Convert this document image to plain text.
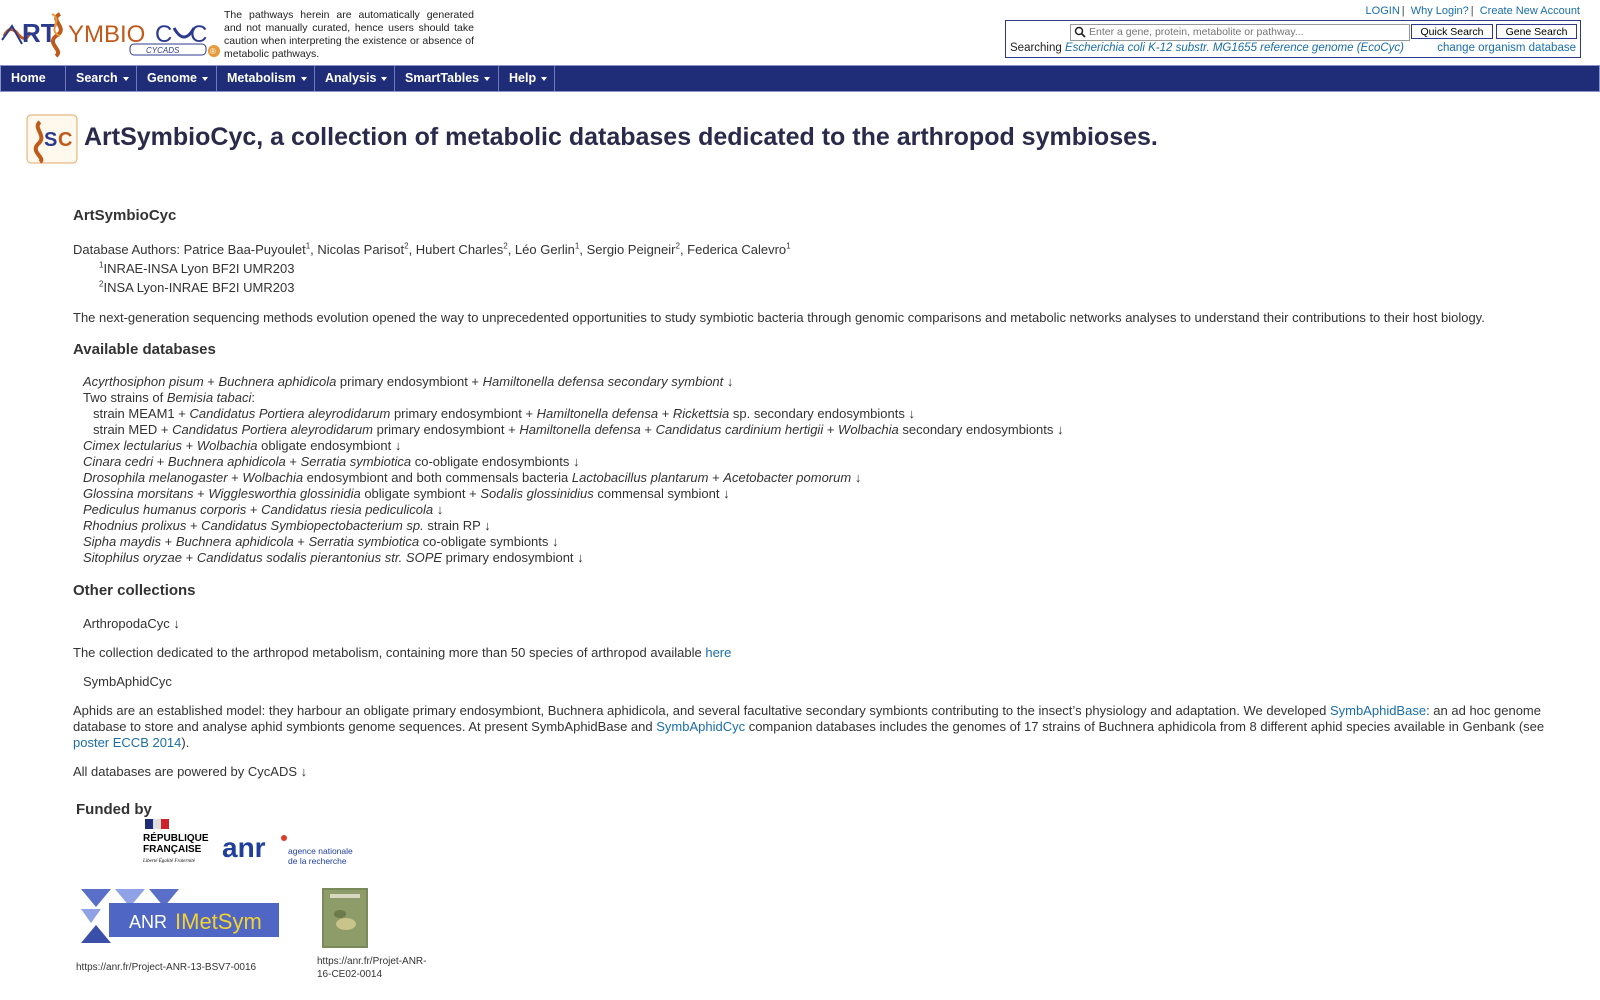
RT YMBIO C C
CYCADS	®
The pathways herein are automatically generated and not manually curated, hence users should take caution when interpreting the existence or absence of metabolic pathways.
LOGIN | Why Login? | Create New Account
Enter a gene, protein, metabolite or pathway...
Quick Search	Gene Search
Searching Escherichia coli K-12 substr. MG1655 reference genome (EcoCyc)	change organism database
Home	Search	Genome	Metabolism	Analysis	SmartTables	Help
S C ArtSymbioCyc, a collection of metabolic databases dedicated to the arthropod symbioses.
ArtSymbioCyc
Database Authors: Patrice Baa-Puyoulet$^1$, Nicolas Parisot$^2$, Hubert Charles$^2$, Léo Gerlin$^1$, Sergio Peigneir$^2$, Federica Calevro$^1$
$^1$INRAE-INSA Lyon BF2I UMR203
$^2$INSA Lyon-INRAE BF2I UMR203
The next-generation sequencing methods evolution opened the way to unprecedented opportunities to study symbiotic bacteria through genomic comparisons and metabolic networks analyses to understand their contributions to their host biology.
Available databases
Acyrthosiphon pisum + Buchnera aphidicola primary endosymbiont + Hamiltonella defensa secondary symbiont ↓
Two strains of Bemisia tabaci:
strain MEAM1 + Candidatus Portiera aleyrodidarum primary endosymbiont + Hamiltonella defensa + Rickettsia sp. secondary endosymbionts ↓
strain MED + Candidatus Portiera aleyrodidarum primary endosymbiont + Hamiltonella defensa + Candidatus cardinium hertigii + Wolbachia secondary endosymbionts ↓
Cimex lectularius + Wolbachia obligate endosymbiont ↓
Cinara cedri + Buchnera aphidicola + Serratia symbiotica co-obligate endosymbionts ↓
Drosophila melanogaster + Wolbachia endosymbiont and both commensals bacteria Lactobacillus plantarum + Acetobacter pomorum ↓
Glossina morsitans + Wigglesworthia glossinidia obligate symbiont + Sodalis glossinidius commensal symbiont ↓
Pediculus humanus corporis + Candidatus riesia pediculicola ↓
Rhodnius prolixus + Candidatus Symbiopectobacterium sp. strain RP ↓
Sipha maydis + Buchnera aphidicola + Serratia symbiotica co-obligate symbionts ↓
Sitophilus oryzae + Candidatus sodalis pierantonius str. SOPE primary endosymbiont ↓
Other collections
ArthropodaCyc ↓
The collection dedicated to the arthropod metabolism, containing more than 50 species of arthropod available here
SymbAphidCyc
Aphids are an established model: they harbour an obligate primary endosymbiont, Buchnera aphidicola, and several facultative secondary symbionts contributing to the insect’s physiology and adaptation. We developed SymbAphidBase: an ad hoc genome database to store and analyse aphid symbionts genome sequences. At present SymbAphidBase and SymbAphidCyc companion databases includes the genomes of 17 strains of Buchnera aphidicola from 8 different aphid species available in Genbank (see poster ECCB 2014).
All databases are powered by CycADS ↓
Funded by
RÉPUBLIQUE
FRANÇAISE
Liberté Égalité Fraternité anr	agence nationale
de la recherche
ANR IMetSym
https://anr.fr/Project-ANR-13-BSV7-0016
https://anr.fr/Projet-ANR-16-CE02-0014
